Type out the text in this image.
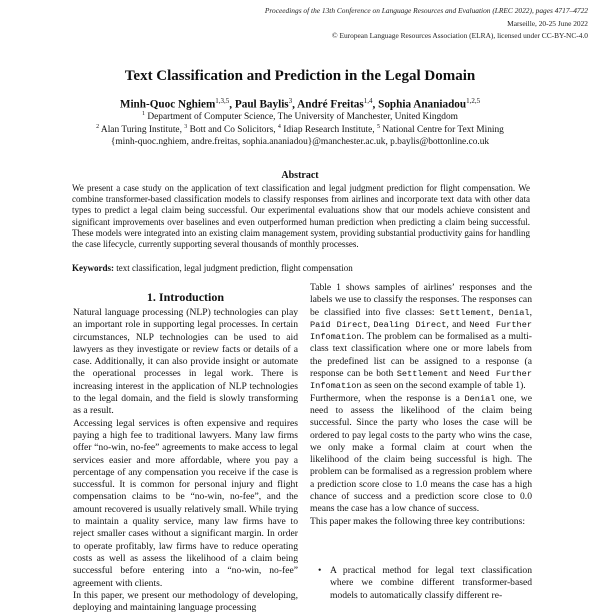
Proceedings of the 13th Conference on Language Resources and Evaluation (LREC 2022), pages 4717–4722
Marseille, 20-25 June 2022
© European Language Resources Association (ELRA), licensed under CC-BY-NC-4.0
Text Classification and Prediction in the Legal Domain
Minh-Quoc Nghiem$^{1,3,5}$, Paul Baylis$^3$, André Freitas$^{1,4}$, Sophia Ananiadou$^{1,2,5}$
$^1$ Department of Computer Science, The University of Manchester, United Kingdom
$^2$ Alan Turing Institute, $^3$ Bott and Co Solicitors, $^4$ Idiap Research Institute, $^5$ National Centre for Text Mining
{minh-quoc.nghiem, andre.freitas, sophia.ananiadou}@manchester.ac.uk, p.baylis@bottonline.co.uk
Abstract
We present a case study on the application of text classification and legal judgment prediction for flight compensation. We combine transformer-based classification models to classify responses from airlines and incorporate text data with other data types to predict a legal claim being successful. Our experimental evaluations show that our models achieve consistent and significant improvements over baselines and even outperformed human prediction when predicting a claim being successful. These models were integrated into an existing claim management system, providing substantial productivity gains for handling the case lifecycle, currently supporting several thousands of monthly processes.
Keywords: text classification, legal judgment prediction, flight compensation
1. Introduction

Natural language processing (NLP) technologies can play an important role in supporting legal processes. In certain circumstances, NLP technologies can be used to aid lawyers as they investigate or review facts or details of a case. Additionally, it can also provide insight or automate the operational processes in legal work. There is increasing interest in the application of NLP technologies to the legal domain, and the field is slowly transforming as a result.

Accessing legal services is often expensive and requires paying a high fee to traditional lawyers. Many law firms offer “no-win, no-fee” agreements to make access to legal services easier and more affordable, where you pay a percentage of any compensation you receive if the case is successful. It is common for personal injury and flight compensation claims to be “no-win, no-fee”, and the amount recovered is usually relatively small. While trying to maintain a quality service, many law firms have to reject smaller cases without a significant margin. In order to operate profitably, law firms have to reduce operating costs as well as assess the likelihood of a claim being successful before entering into a “no-win, no-fee” agreement with clients.

In this paper, we present our methodology of developing, deploying and maintaining language processing

Table 1 shows samples of airlines’ responses and the labels we use to classify the responses. The responses can be classified into five classes: Settlement, Denial, Paid Direct, Dealing Direct, and Need Further Infomation. The problem can be formalised as a multi-class text classification where one or more labels from the predefined list can be assigned to a response (a response can be both Settlement and Need Further Infomation as seen on the second example of table 1).

Furthermore, when the response is a Denial one, we need to assess the likelihood of the claim being successful. Since the party who loses the case will be ordered to pay legal costs to the party who wins the case, we only make a formal claim at court when the likelihood of the claim being successful is high. The problem can be formalised as a regression problem where a prediction score close to 1.0 means the case has a high chance of success and a prediction score close to 0.0 means the case has a low chance of success.

This paper makes the following three key contributions:

• A practical method for legal text classification where we combine different transformer-based models to automatically classify different re-
